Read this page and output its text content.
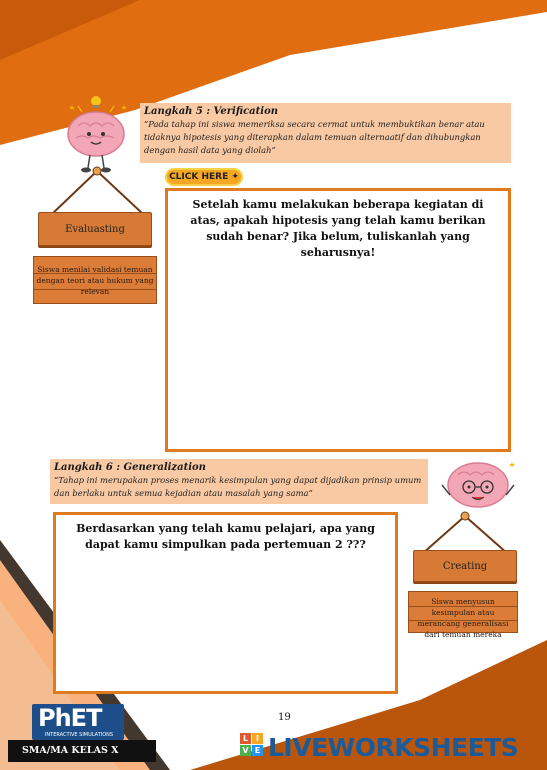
Langkah 5 : Verification

“Pada tahap ini siswa memeriksa secara cermat untuk membuktikan benar atau tidaknya hipotesis yang diterapkan dalam temuan alternaatif dan dihubungkan dengan hasil data yang diolah”

Evaluasting
Siswa menilai validasi temuan dengan teori atau hukum yang relevan
CLICK HERE ✦
Setelah kamu melakukan beberapa kegiatan di atas, apakah hipotesis yang telah kamu berikan sudah benar? Jika belum, tuliskanlah yang seharusnya!

Langkah 6 : Generalization

“Tahap ini merupakan proses menarik kesimpulan yang dapat dijadikan prinsip umum dan berlaku untuk semua kejadian atau masalah yang sama”

Berdasarkan yang telah kamu pelajari, apa yang dapat kamu simpulkan pada pertemuan 2 ???
Creating
Siswa menyusun kesimpulan atau merancang generalisasi dari temuan mereka
19
PhET
INTERACTIVE SIMULATIONS
SMA/MA KELAS X
L I
V E LIVEWORKSHEETS
